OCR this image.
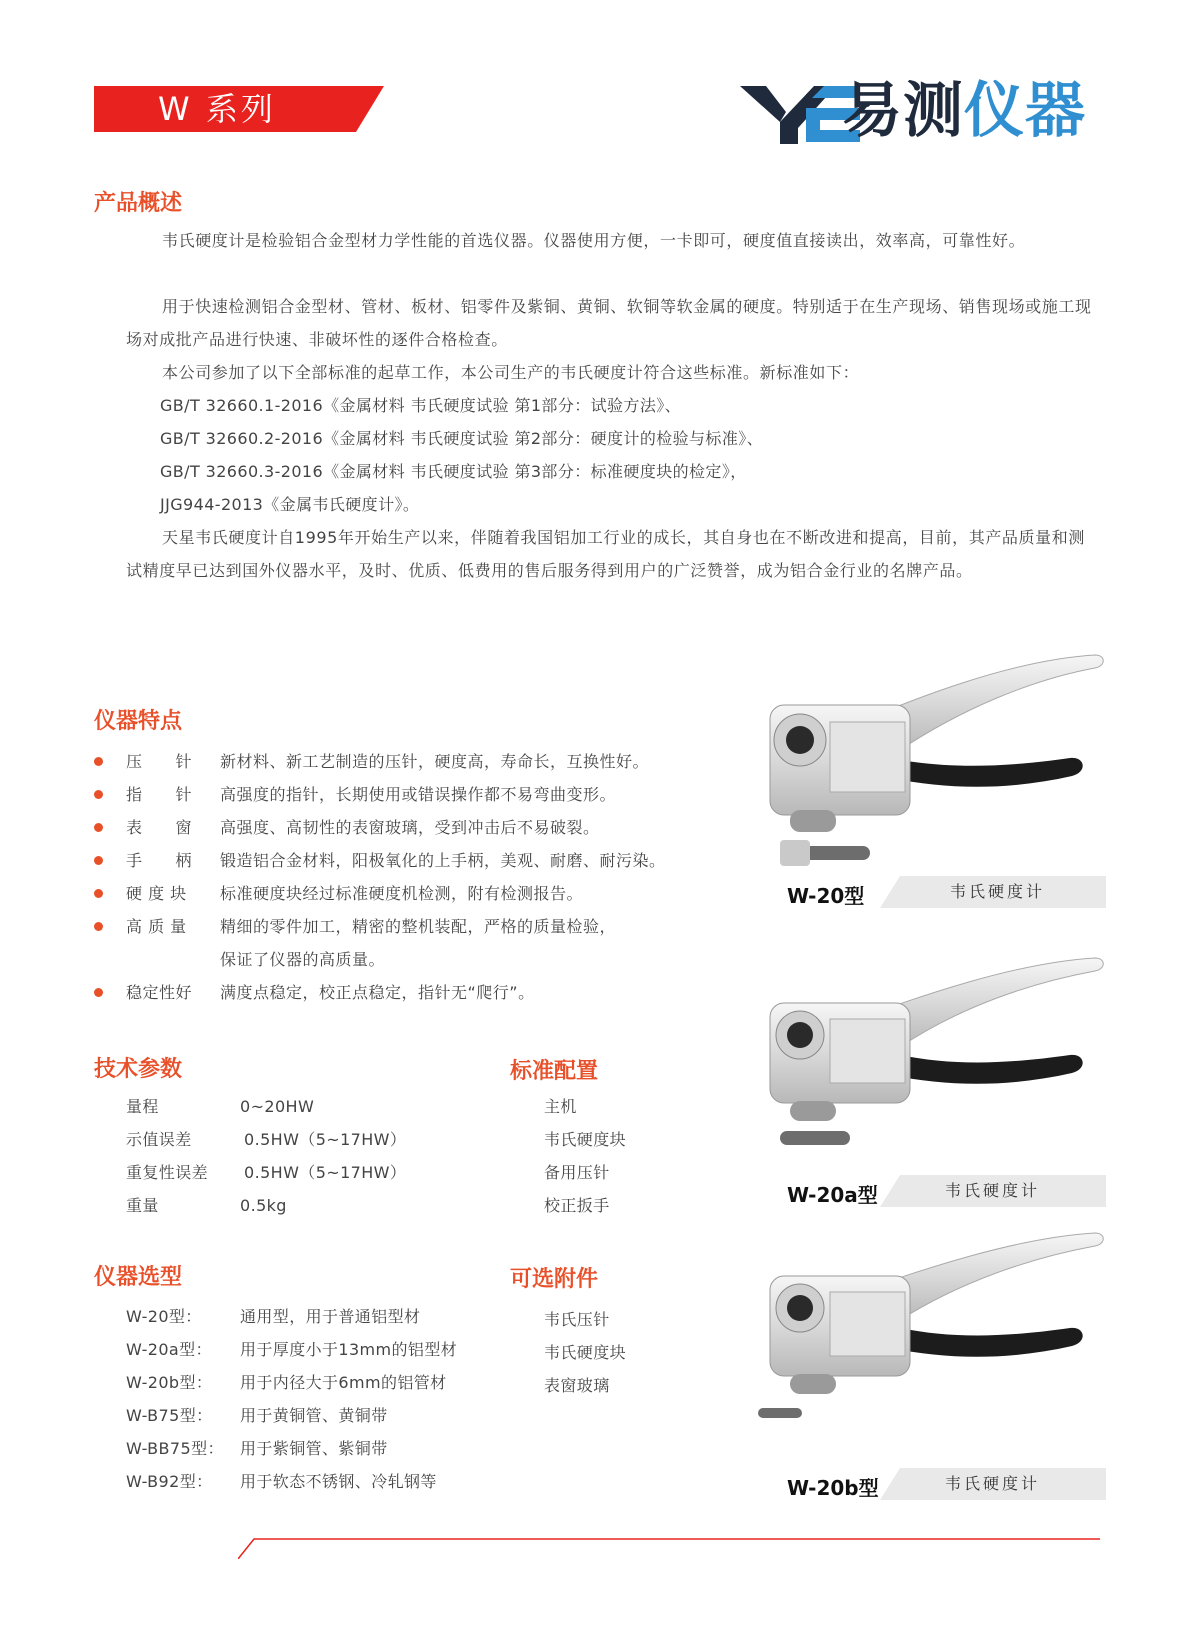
W 系列	易测仪器
产品概述
韦氏硬度计是检验铝合金型材力学性能的首选仪器。仪器使用方便，一卡即可，硬度值直接读出，效率高，可靠性好。
用于快速检测铝合金型材、管材、板材、铝零件及紫铜、黄铜、软铜等软金属的硬度。特别适于在生产现场、销售现场或施工现场对成批产品进行快速、非破坏性的逐件合格检查。
本公司参加了以下全部标准的起草工作，本公司生产的韦氏硬度计符合这些标准。新标准如下：
GB/T 32660.1-2016《金属材料 韦氏硬度试验 第1部分：试验方法》、
GB/T 32660.2-2016《金属材料 韦氏硬度试验 第2部分：硬度计的检验与标准》、
GB/T 32660.3-2016《金属材料 韦氏硬度试验 第3部分：标准硬度块的检定》，
JJG944-2013《金属韦氏硬度计》。
天星韦氏硬度计自1995年开始生产以来，伴随着我国铝加工行业的成长，其自身也在不断改进和提高，目前，其产品质量和测试精度早已达到国外仪器水平，及时、优质、低费用的售后服务得到用户的广泛赞誉，成为铝合金行业的名牌产品。
仪器特点
压　　针	新材料、新工艺制造的压针，硬度高，寿命长，互换性好。
指　　针	高强度的指针，长期使用或错误操作都不易弯曲变形。
表　　窗	高强度、高韧性的表窗玻璃，受到冲击后不易破裂。
手　　柄	锻造铝合金材料，阳极氧化的上手柄，美观、耐磨、耐污染。
硬 度 块	标准硬度块经过标准硬度机检测，附有检测报告。
高 质 量	精细的零件加工，精密的整机装配，严格的质量检验，
保证了仪器的高质量。
稳定性好	满度点稳定，校正点稳定，指针无“爬行”。
技术参数
量程	0~20HW
示值误差	0.5HW（5~17HW）
重复性误差 0.5HW（5~17HW）
重量	0.5kg
标准配置
主机
韦氏硬度块
备用压针
校正扳手
仪器选型
W-20型： 通用型，用于普通铝型材
W-20a型： 用于厚度小于13mm的铝型材
W-20b型： 用于内径大于6mm的铝管材
W-B75型： 用于黄铜管、黄铜带
W-BB75型： 用于紫铜管、紫铜带
W-B92型： 用于软态不锈钢、冷轧钢等
可选附件
韦氏压针
韦氏硬度块
表窗玻璃
W-20型	韦氏硬度计
W-20a型	韦氏硬度计
W-20b型	韦氏硬度计
